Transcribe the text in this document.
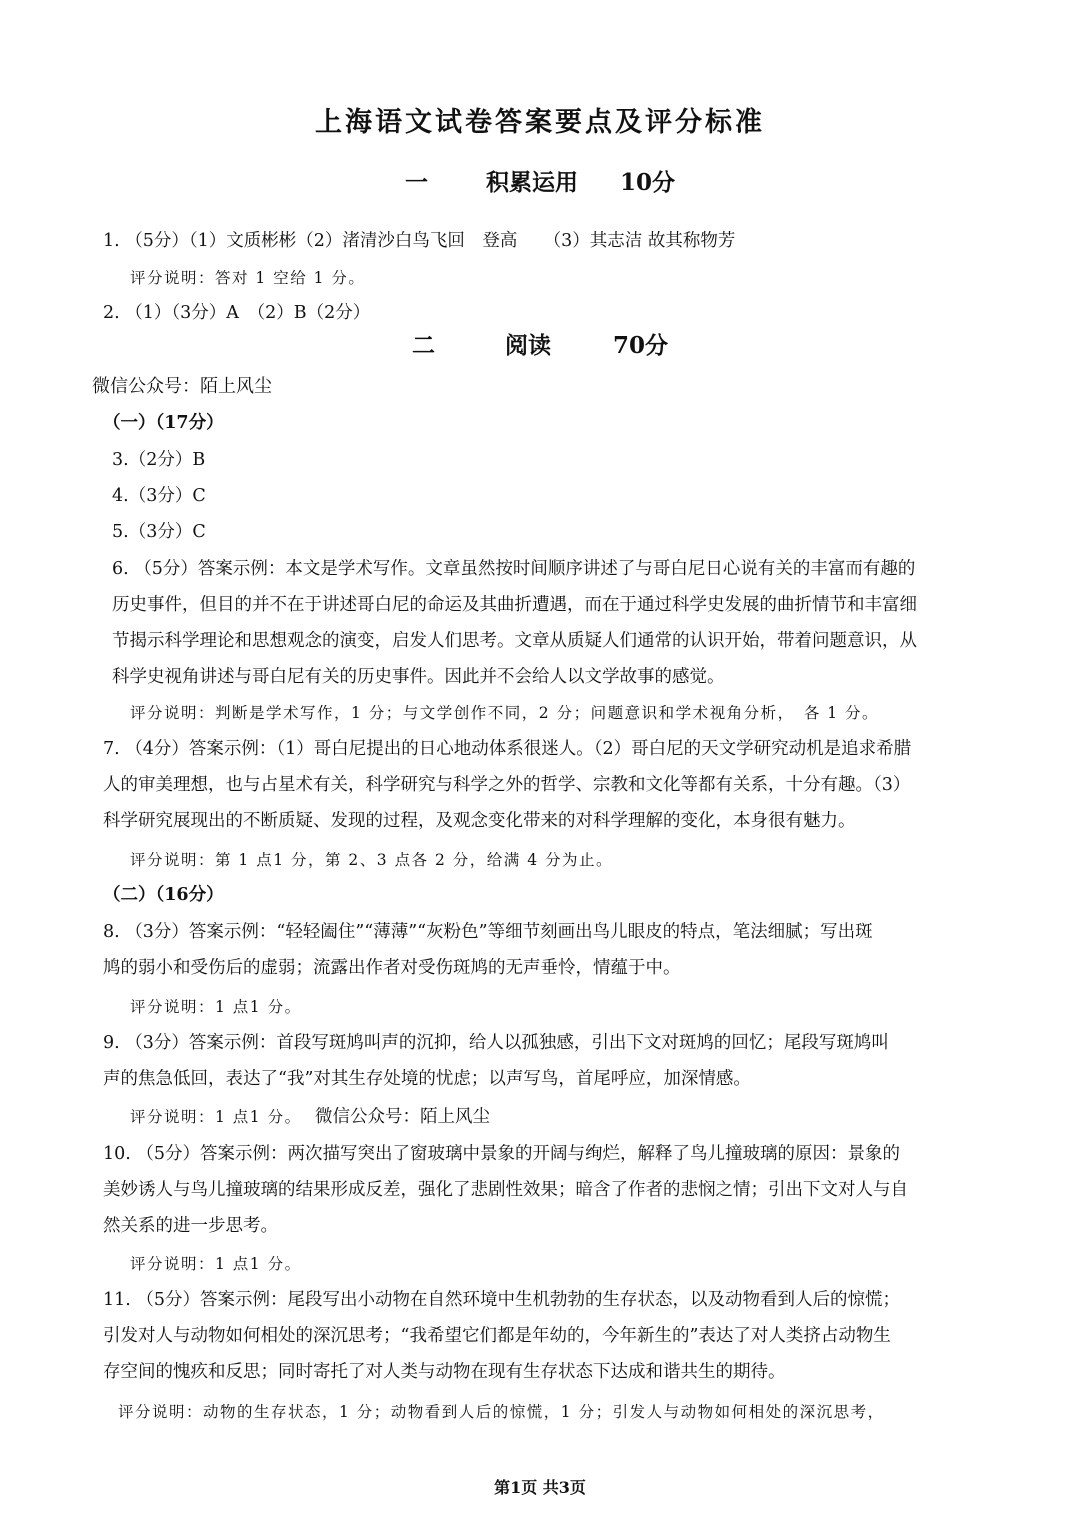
上海语文试卷答案要点及评分标准
一	积累运用 10分
1. （5分）（1）文质彬彬（2）渚清沙白鸟飞回　登高　　（3）其志洁 故其称物芳
评分说明：答对 1 空给 1 分。
2. （1）（3分）A　（2）B（2分）
二	阅读	70分
微信公众号：陌上风尘
（一）（17分）
3.（2分）B
4.（3分）C
5.（3分）C
6. （5分）答案示例：本文是学术写作。文章虽然按时间顺序讲述了与哥白尼日心说有关的丰富而有趣的
历史事件，但目的并不在于讲述哥白尼的命运及其曲折遭遇，而在于通过科学史发展的曲折情节和丰富细
节揭示科学理论和思想观念的演变，启发人们思考。文章从质疑人们通常的认识开始，带着问题意识，从
科学史视角讲述与哥白尼有关的历史事件。因此并不会给人以文学故事的感觉。
评分说明：判断是学术写作，1 分；与文学创作不同，2 分；问题意识和学术视角分析，　各 1 分。
7. （4分）答案示例：（1）哥白尼提出的日心地动体系很迷人。（2）哥白尼的天文学研究动机是追求希腊
人的审美理想，也与占星术有关，科学研究与科学之外的哲学、宗教和文化等都有关系，十分有趣。（3）
科学研究展现出的不断质疑、发现的过程，及观念变化带来的对科学理解的变化，本身很有魅力。
评分说明：第 1 点1 分，第 2、3 点各 2 分，给满 4 分为止。
（二）（16分）
8. （3分）答案示例：“轻轻阖住”“薄薄”“灰粉色”等细节刻画出鸟儿眼皮的特点，笔法细腻；写出斑
鸠的弱小和受伤后的虚弱；流露出作者对受伤斑鸠的无声垂怜，情蕴于中。
评分说明：1 点1 分。
9. （3分）答案示例：首段写斑鸠叫声的沉抑，给人以孤独感，引出下文对斑鸠的回忆；尾段写斑鸠叫
声的焦急低回，表达了“我”对其生存处境的忧虑；以声写鸟，首尾呼应，加深情感。
评分说明：1 点1 分。 微信公众号：陌上风尘
10. （5分）答案示例：两次描写突出了窗玻璃中景象的开阔与绚烂，解释了鸟儿撞玻璃的原因：景象的
美妙诱人与鸟儿撞玻璃的结果形成反差，强化了悲剧性效果；暗含了作者的悲悯之情；引出下文对人与自
然关系的进一步思考。
评分说明：1 点1 分。
11. （5分）答案示例：尾段写出小动物在自然环境中生机勃勃的生存状态，以及动物看到人后的惊慌；
引发对人与动物如何相处的深沉思考；“我希望它们都是年幼的，今年新生的”表达了对人类挤占动物生
存空间的愧疚和反思；同时寄托了对人类与动物在现有生存状态下达成和谐共生的期待。
评分说明：动物的生存状态，1 分；动物看到人后的惊慌，1 分；引发人与动物如何相处的深沉思考，
第1页 共3页
